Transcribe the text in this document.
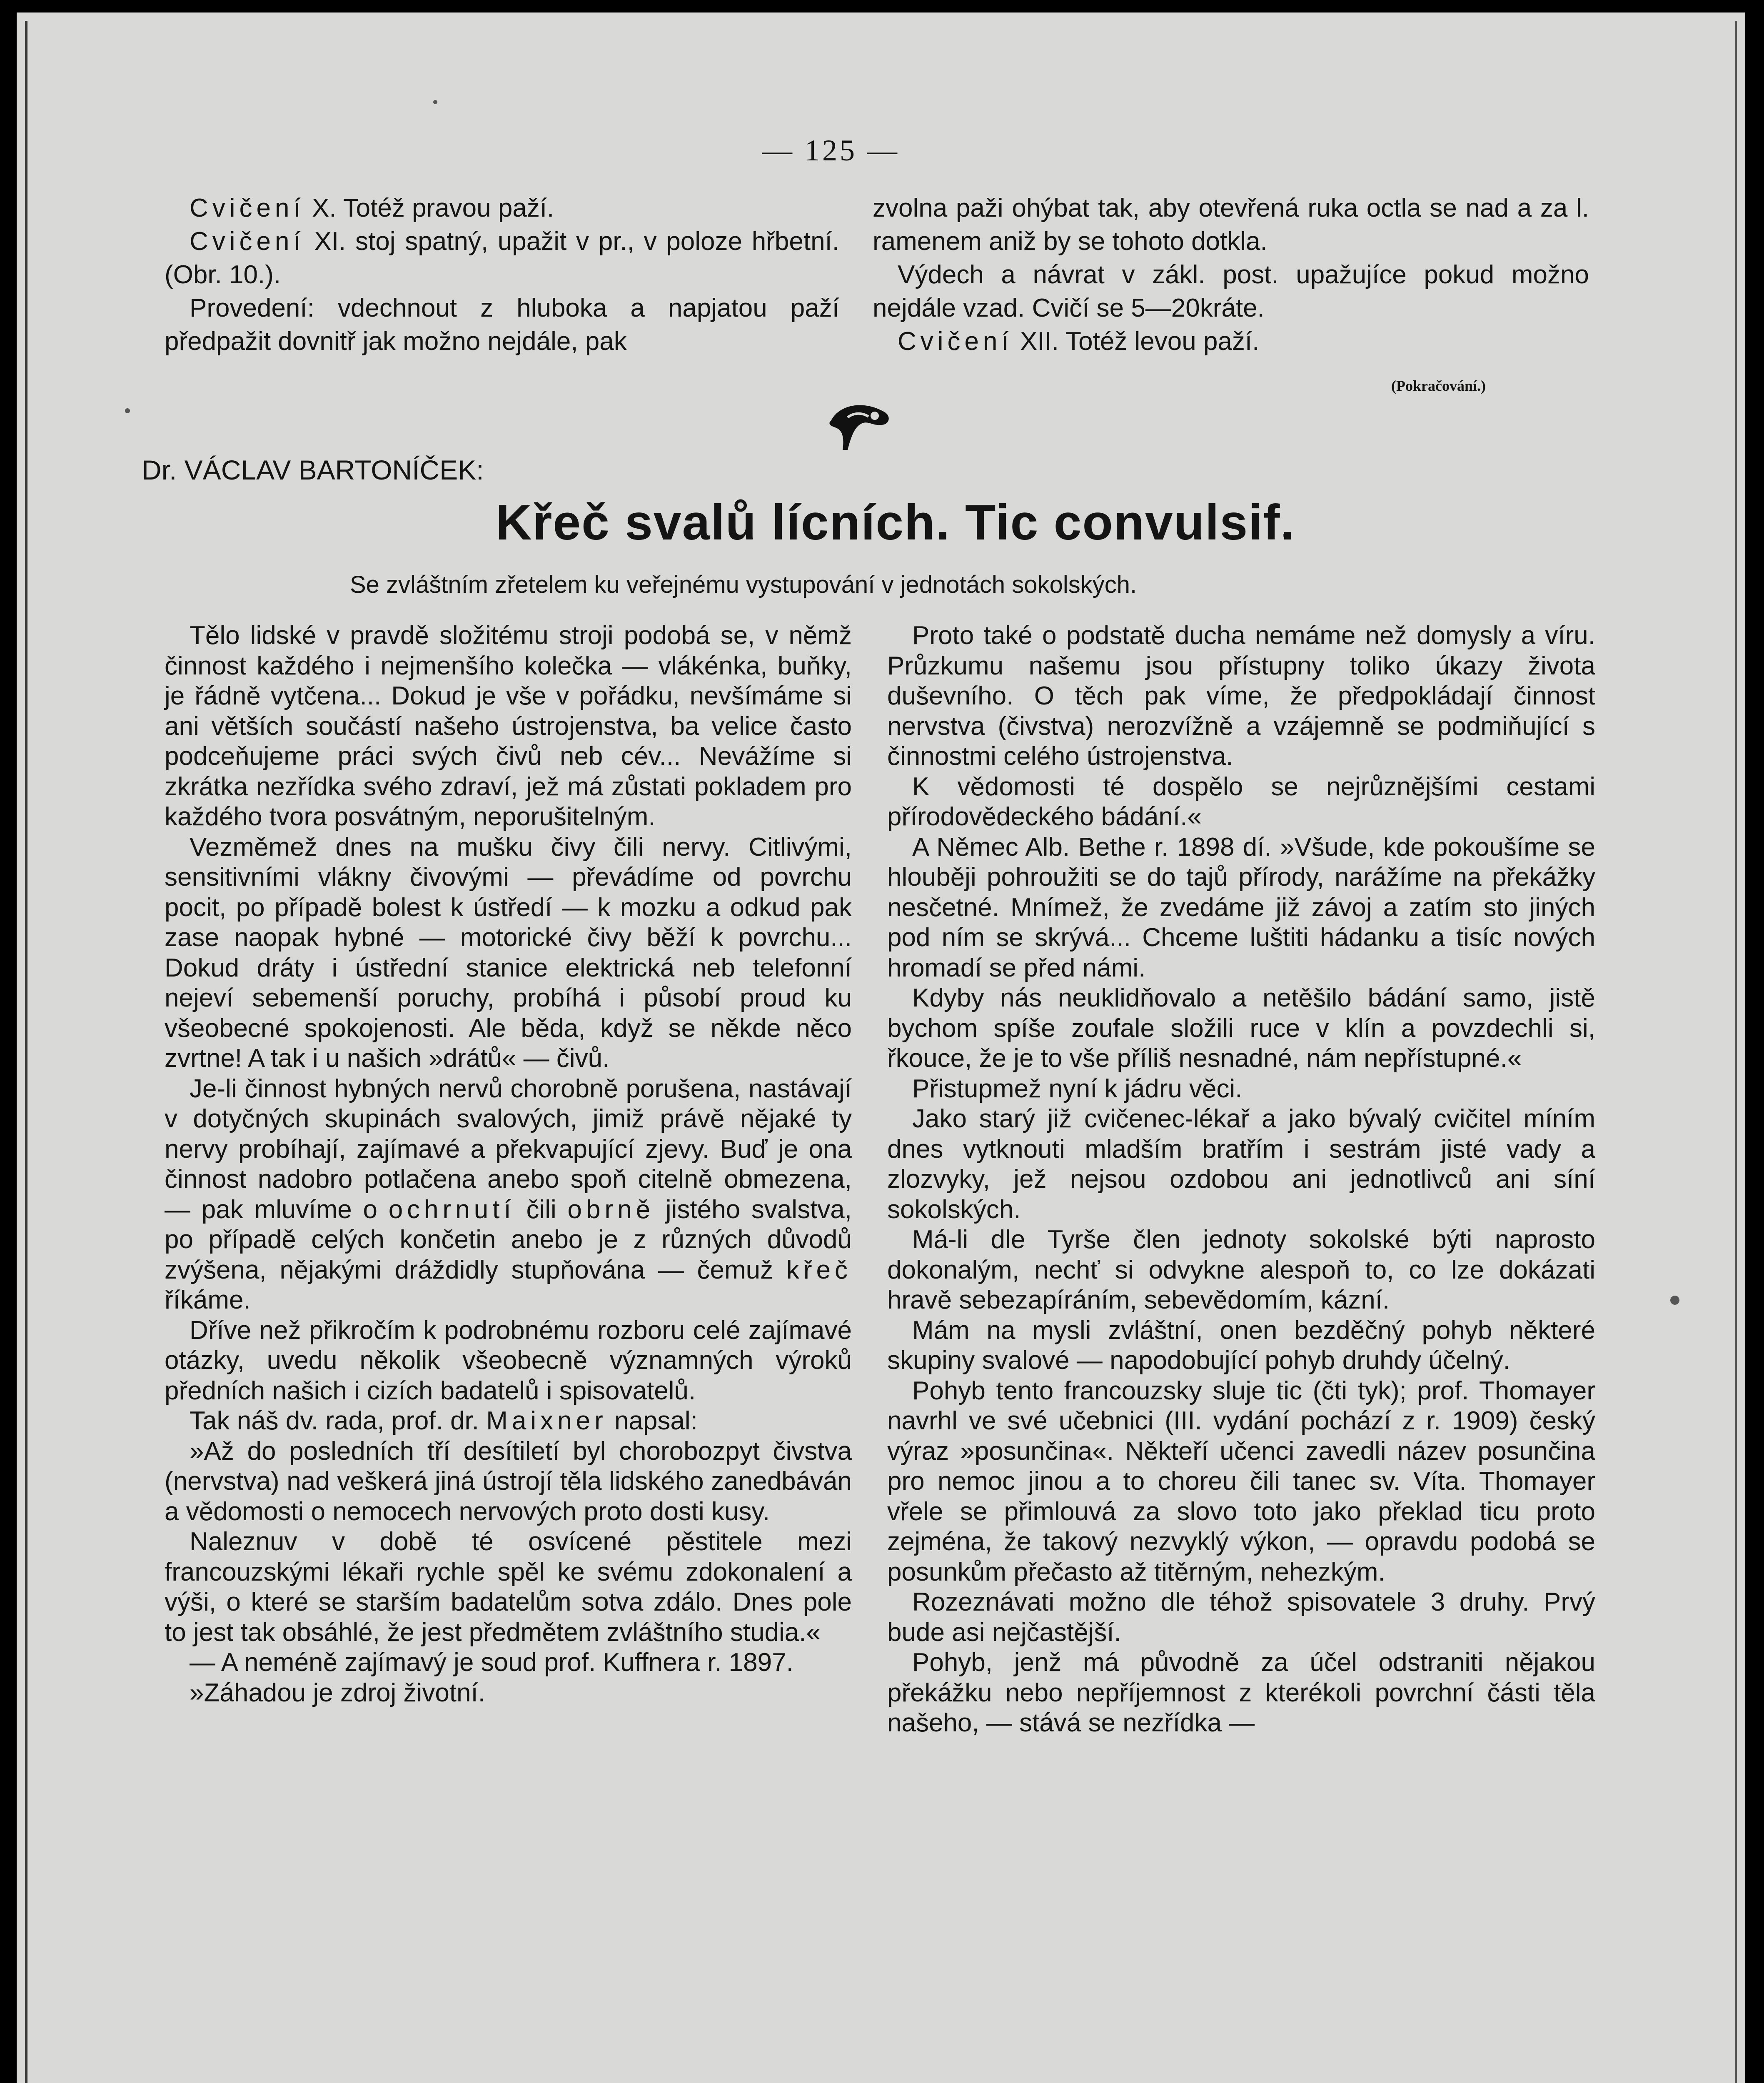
— 125 —

Cvičení X. Totéž pravou paží.

Cvičení XI. stoj spatný, upažit v pr., v poloze hřbetní. (Obr. 10.).

Provedení: vdechnout z hluboka a napjatou paží předpažit dovnitř jak možno nejdále, pak

zvolna paži ohýbat tak, aby otevřená ruka octla se nad a za l. ramenem aniž by se tohoto dotkla.

Výdech a návrat v zákl. post. upažujíce pokud možno nejdále vzad. Cvičí se 5—20kráte.

Cvičení XII. Totéž levou paží.

(Pokračování.)
Dr. VÁCLAV BARTONÍČEK:
Křeč svalů lícních. Tic convulsif.
Se zvláštním zřetelem ku veřejnému vystupování v jednotách sokolských.

Tělo lidské v pravdě složitému stroji podobá se, v němž činnost každého i nejmenšího kolečka — vlákénka, buňky, je řádně vytčena... Dokud je vše v pořádku, nevšímáme si ani větších součástí našeho ústrojenstva, ba velice často podceňujeme práci svých čivů neb cév... Nevážíme si zkrátka nezřídka svého zdraví, jež má zůstati pokladem pro každého tvora posvátným, neporušitelným.

Vezměmež dnes na mušku čivy čili nervy. Citlivými, sensitivními vlákny čivovými — převádíme od povrchu pocit, po případě bolest k ústředí — k mozku a odkud pak zase naopak hybné — motorické čivy běží k povrchu... Dokud dráty i ústřední stanice elektrická neb telefonní nejeví sebemenší poruchy, probíhá i působí proud ku všeobecné spokojenosti. Ale běda, když se někde něco zvrtne! A tak i u našich »drátů« — čivů.

Je-li činnost hybných nervů chorobně porušena, nastávají v dotyčných skupinách svalových, jimiž právě nějaké ty nervy probíhají, zajímavé a překvapující zjevy. Buď je ona činnost nadobro potlačena anebo spoň citelně obmezena, — pak mluvíme o ochrnutí čili obrně jistého svalstva, po případě celých končetin anebo je z různých důvodů zvýšena, nějakými dráždidly stupňována — čemuž křeč říkáme.

Dříve než přikročím k podrobnému rozboru celé zajímavé otázky, uvedu několik všeobecně významných výroků předních našich i cizích badatelů i spisovatelů.

Tak náš dv. rada, prof. dr. Maixner napsal:

»Až do posledních tří desítiletí byl chorobozpyt čivstva (nervstva) nad veškerá jiná ústrojí těla lidského zanedbáván a vědomosti o nemocech nervových proto dosti kusy.

Naleznuv v době té osvícené pěstitele mezi francouzskými lékaři rychle spěl ke svému zdokonalení a výši, o které se starším badatelům sotva zdálo. Dnes pole to jest tak obsáhlé, že jest předmětem zvláštního studia.«

— A neméně zajímavý je soud prof. Kuffnera r. 1897.

»Záhadou je zdroj životní.

Proto také o podstatě ducha nemáme než domysly a víru. Průzkumu našemu jsou přístupny toliko úkazy života duševního. O těch pak víme, že předpokládají činnost nervstva (čivstva) nerozvížně a vzájemně se podmiňující s činnostmi celého ústrojenstva.

K vědomosti té dospělo se nejrůznějšími cestami přírodovědeckého bádání.«

A Němec Alb. Bethe r. 1898 dí. »Všude, kde pokoušíme se hlouběji pohroužiti se do tajů přírody, narážíme na překážky nesčetné. Mnímež, že zvedáme již závoj a zatím sto jiných pod ním se skrývá... Chceme luštiti hádanku a tisíc nových hromadí se před námi.

Kdyby nás neuklidňovalo a netěšilo bádání samo, jistě bychom spíše zoufale složili ruce v klín a povzdechli si, řkouce, že je to vše příliš nesnadné, nám nepřístupné.«

Přistupmež nyní k jádru věci.

Jako starý již cvičenec-lékař a jako bývalý cvičitel míním dnes vytknouti mladším bratřím i sestrám jisté vady a zlozvyky, jež nejsou ozdobou ani jednotlivců ani síní sokolských.

Má-li dle Tyrše člen jednoty sokolské býti naprosto dokonalým, nechť si odvykne alespoň to, co lze dokázati hravě sebezapíráním, sebevědomím, kázní.

Mám na mysli zvláštní, onen bezděčný pohyb některé skupiny svalové — napodobující pohyb druhdy účelný.

Pohyb tento francouzsky sluje tic (čti tyk); prof. Thomayer navrhl ve své učebnici (III. vydání pochází z r. 1909) český výraz »posunčina«. Někteří učenci zavedli název posunčina pro nemoc jinou a to choreu čili tanec sv. Víta. Thomayer vřele se přimlouvá za slovo toto jako překlad ticu proto zejména, že takový nezvyklý výkon, — opravdu podobá se posunkům přečasto až titěrným, nehezkým.

Rozeznávati možno dle téhož spisovatele 3 druhy. Prvý bude asi nejčastější.

Pohyb, jenž má původně za účel odstraniti nějakou překážku nebo nepříjemnost z kterékoli povrchní části těla našeho, — stává se nezřídka —
